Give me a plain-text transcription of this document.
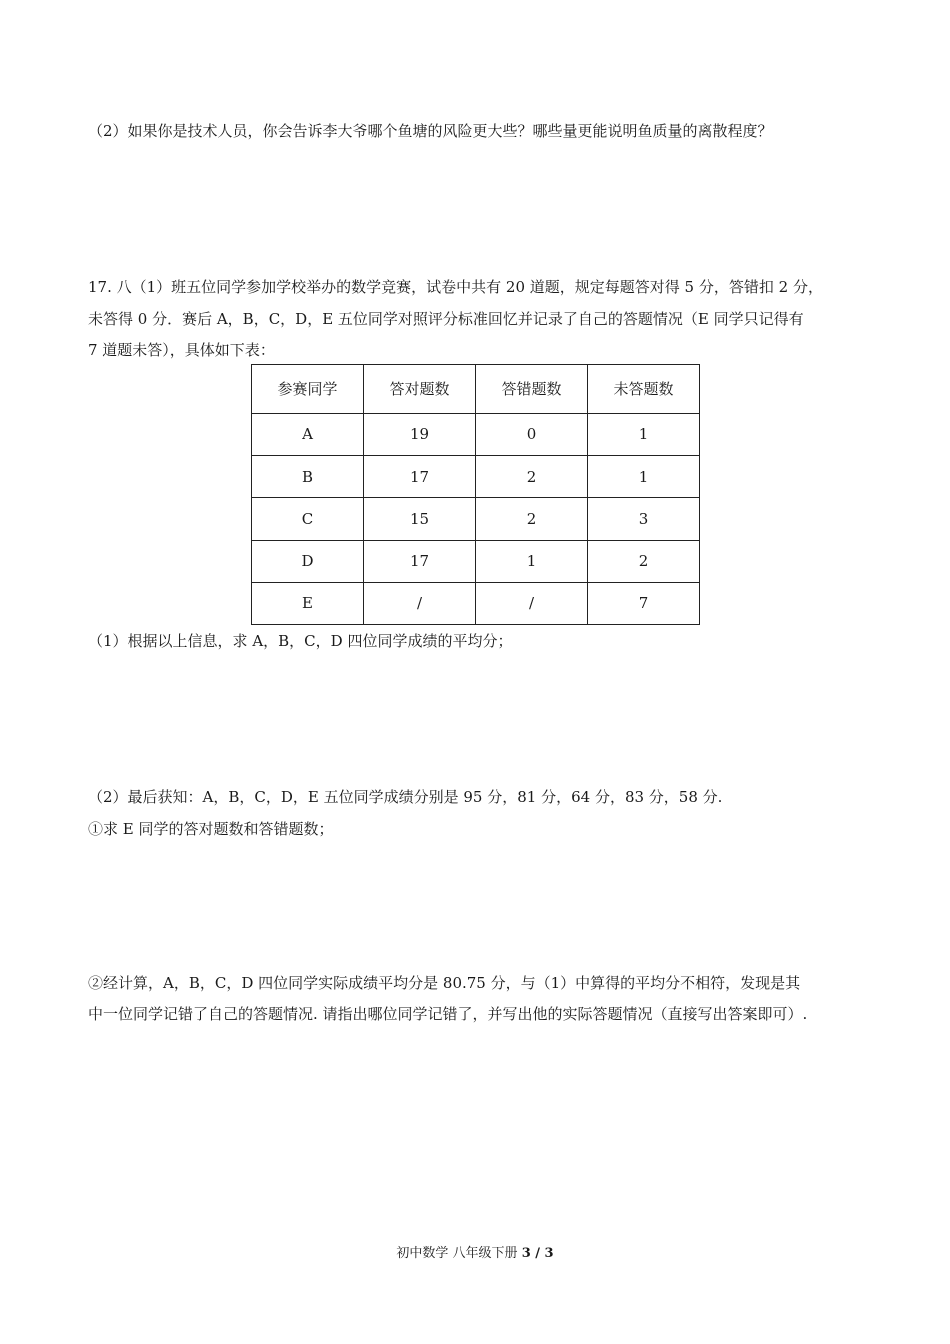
（2）如果你是技术人员，你会告诉李大爷哪个鱼塘的风险更大些？哪些量更能说明鱼质量的离散程度？
17. 八（1）班五位同学参加学校举办的数学竞赛，试卷中共有 20 道题，规定每题答对得 5 分，答错扣 2 分，
未答得 0 分．赛后 A，B，C，D，E 五位同学对照评分标准回忆并记录了自己的答题情况（E 同学只记得有
7 道题未答），具体如下表：
参赛同学	答对题数	答错题数	未答题数
A	19	0	1
B	17	2	1
C	15	2	3
D	17	1	2
E	/	/	7
（1）根据以上信息，求 A，B，C，D 四位同学成绩的平均分；
（2）最后获知：A，B，C，D，E 五位同学成绩分别是 95 分，81 分，64 分，83 分，58 分.
①求 E 同学的答对题数和答错题数；
②经计算，A，B，C，D 四位同学实际成绩平均分是 80.75 分，与（1）中算得的平均分不相符，发现是其
中一位同学记错了自己的答题情况. 请指出哪位同学记错了，并写出他的实际答题情况（直接写出答案即可）.
初中数学 八年级下册 3 / 3
